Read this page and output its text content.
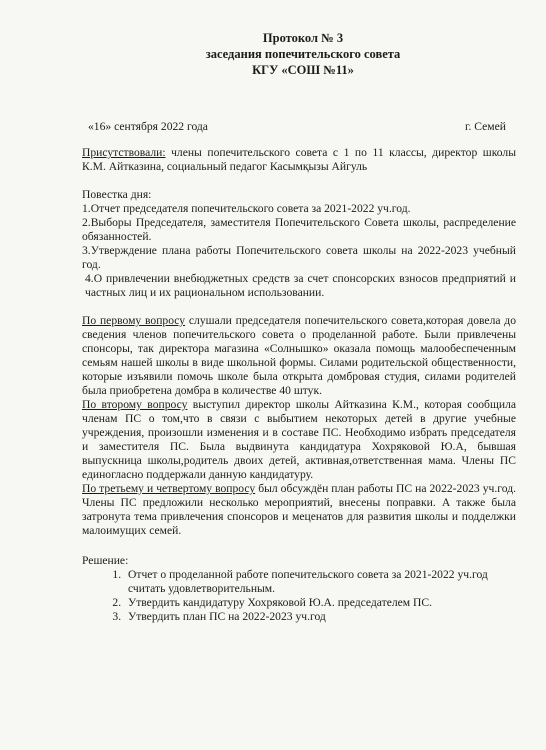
Протокол № 3
заседания попечительского совета
КГУ «СОШ №11»
«16» сентября 2022 года	г. Семей
Присутствовали: члены попечительского совета с 1 по 11 классы, директор школы К.М. Айтказина, социальный педагог Касымқызы Айгуль
Повестка дня:
1.Отчет председателя попечительского совета за 2021-2022 уч.год.
2.Выборы Председателя, заместителя Попечительского Совета школы, распределение обязанностей.
3.Утверждение плана работы Попечительского совета школы на 2022-2023 учебный год.
4.О привлечении внебюджетных средств за счет спонсорских взносов предприятий и частных лиц и их рациональном использовании.

По первому вопросу слушали председателя попечительского совета,которая довела до сведения членов попечительского совета о проделанной работе. Были привлечены спонсоры, так директора магазина «Солнышко» оказала помощь малообеспеченным семьям нашей школы в виде школьной формы. Силами родительской общественности, которые изъявили помочь школе была открыта домбровая студия, силами родителей была приобретена домбра в количестве 40 штук.

По второму вопросу выступил директор школы Айтказина К.М., которая сообщила членам ПС о том,что в связи с выбытием некоторых детей в другие учебные учреждения, произошли изменения и в составе ПС. Необходимо избрать председателя и заместителя ПС. Была выдвинута кандидатура Хохряковой Ю.А, бывшая выпускница школы,родитель двоих детей, активная,ответственная мама. Члены ПС единогласно поддержали данную кандидатуру.

По третьему и четвертому вопросу был обсуждён план работы ПС на 2022-2023 уч.год. Члены ПС предложили несколько мероприятий, внесены поправки. А также была затронута тема привлечения спонсоров и меценатов для развития школы и подделжки малоимущих семей.

Решение:
1. Отчет о проделанной работе попечительского совета за 2021-2022 уч.год считать удовлетворительным.
2. Утвердить кандидатуру Хохряковой Ю.А. председателем ПС.
3. Утвердить план ПС на 2022-2023 уч.год
